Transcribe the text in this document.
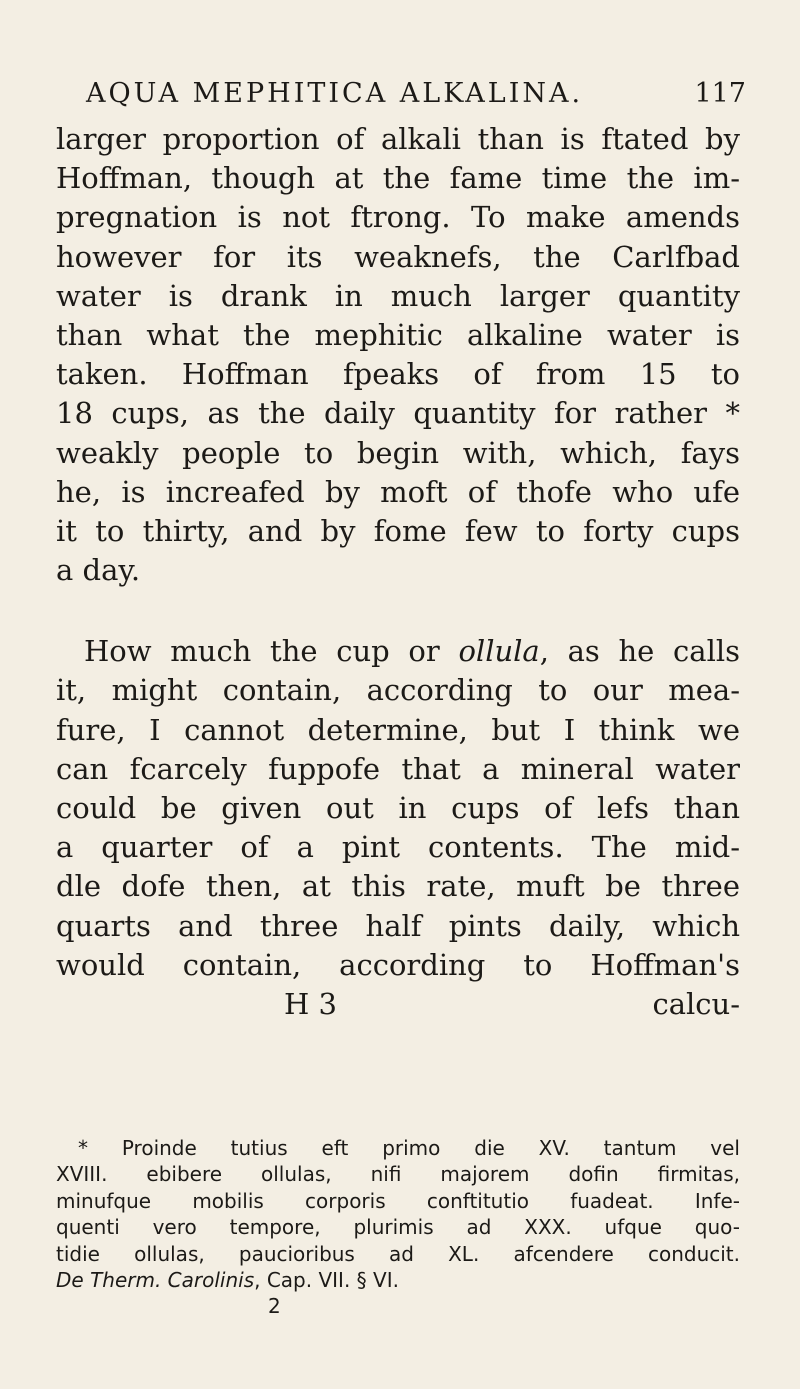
AQUA MEPHITICA ALKALINA.	117
larger proportion of alkali than is ftated by
Hoffman, though at the fame time the im-
pregnation is not ftrong. To make amends
however for its weaknefs, the Carlfbad
water is drank in much larger quantity
than what the mephitic alkaline water is
taken. Hoffman fpeaks of from 15 to
18 cups, as the daily quantity for rather *
weakly people to begin with, which, fays
he, is increafed by moft of thofe who ufe
it to thirty, and by fome few to forty cups
a day.
How much the cup or ollula, as he calls
it, might contain, according to our mea-
fure, I cannot determine, but I think we
can fcarcely fuppofe that a mineral water
could be given out in cups of lefs than
a quarter of a pint contents. The mid-
dle dofe then, at this rate, muft be three
quarts and three half pints daily, which
would contain, according to Hoffman's
H 3	calcu-
* Proinde tutius eft primo die XV. tantum vel
XVIII. ebibere ollulas, nifi majorem dofin firmitas,
minufque mobilis corporis conftitutio fuadeat. Infe-
quenti vero tempore, plurimis ad XXX. ufque quo-
tidie ollulas, paucioribus ad XL. afcendere conducit.
De Therm. Carolinis, Cap. VII. § VI.
2
